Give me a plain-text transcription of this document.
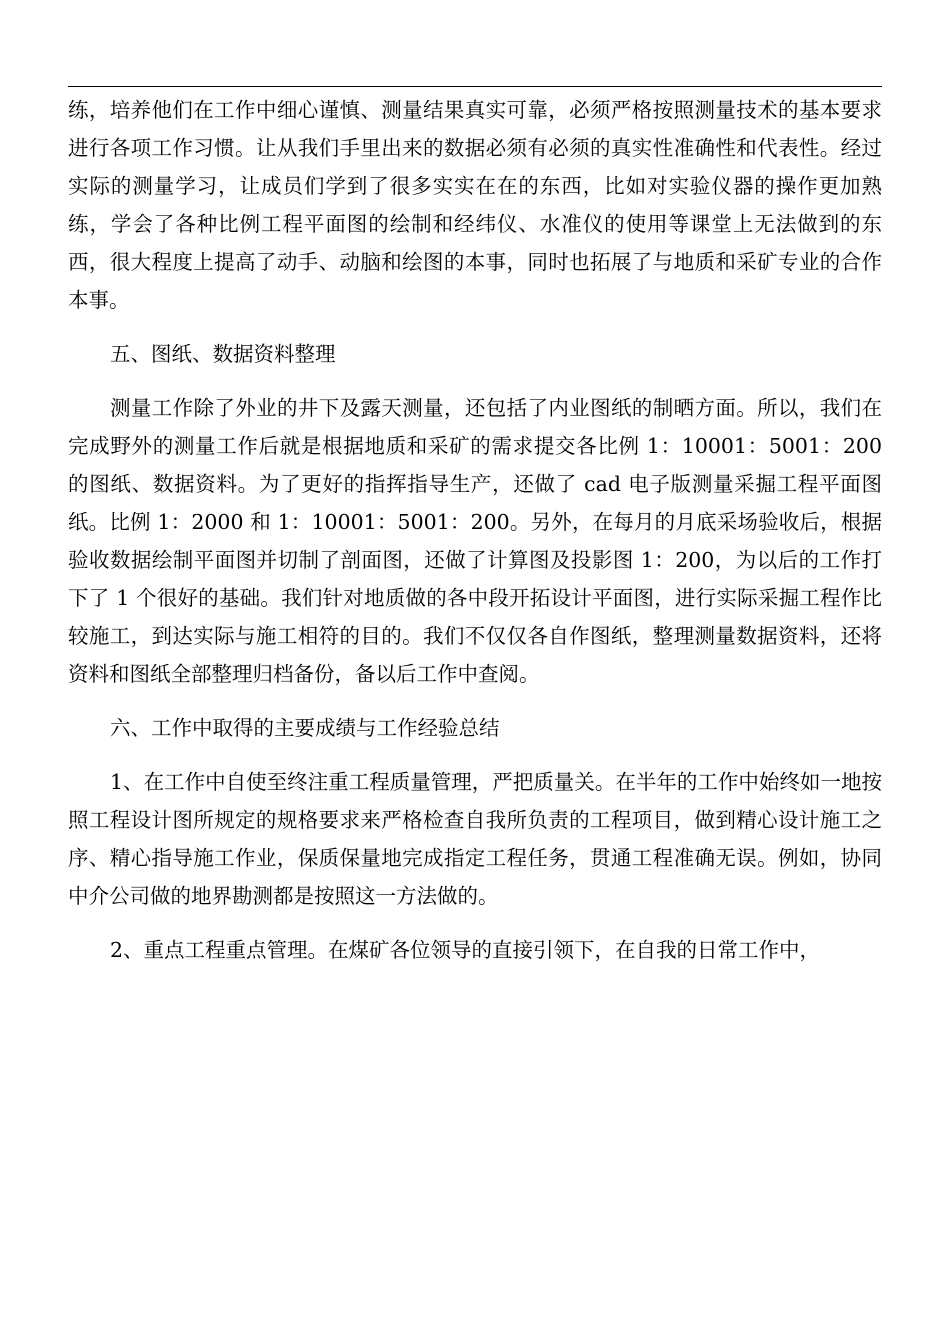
练，培养他们在工作中细心谨慎、测量结果真实可靠，必须严格按照测量技术的基本要求进行各项工作习惯。让从我们手里出来的数据必须有必须的真实性准确性和代表性。经过实际的测量学习，让成员们学到了很多实实在在的东西，比如对实验仪器的操作更加熟练，学会了各种比例工程平面图的绘制和经纬仪、水准仪的使用等课堂上无法做到的东西，很大程度上提高了动手、动脑和绘图的本事，同时也拓展了与地质和采矿专业的合作本事。

五、图纸、数据资料整理

测量工作除了外业的井下及露天测量，还包括了内业图纸的制晒方面。所以，我们在完成野外的测量工作后就是根据地质和采矿的需求提交各比例 1：10001：5001：200 的图纸、数据资料。为了更好的指挥指导生产，还做了 cad 电子版测量采掘工程平面图纸。比例 1：2000 和 1：10001：5001：200。另外，在每月的月底采场验收后，根据验收数据绘制平面图并切制了剖面图，还做了计算图及投影图 1：200，为以后的工作打下了 1 个很好的基础。我们针对地质做的各中段开拓设计平面图，进行实际采掘工程作比较施工，到达实际与施工相符的目的。我们不仅仅各自作图纸，整理测量数据资料，还将资料和图纸全部整理归档备份，备以后工作中查阅。

六、工作中取得的主要成绩与工作经验总结

1、在工作中自使至终注重工程质量管理，严把质量关。在半年的工作中始终如一地按照工程设计图所规定的规格要求来严格检查自我所负责的工程项目，做到精心设计施工之序、精心指导施工作业，保质保量地完成指定工程任务，贯通工程准确无误。例如，协同中介公司做的地界勘测都是按照这一方法做的。

2、重点工程重点管理。在煤矿各位领导的直接引领下，在自我的日常工作中，
